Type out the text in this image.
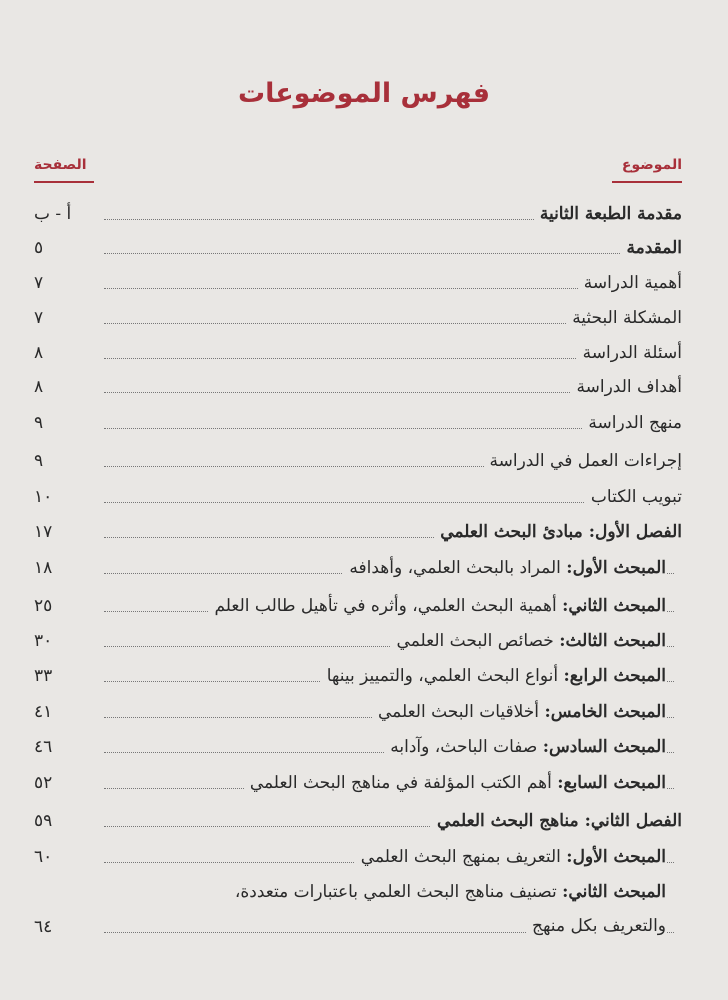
فهرس الموضوعات
الموضوع
الصفحة
مقدمة الطبعة الثانية
أ - ب
المقدمة
٥
أهمية الدراسة
٧
المشكلة البحثية
٧
أسئلة الدراسة
٨
أهداف الدراسة
٨
منهج الدراسة
٩
إجراءات العمل في الدراسة
٩
تبويب الكتاب
١٠
الفصل الأول: مبادئ البحث العلمي
١٧
المبحث الأول: المراد بالبحث العلمي، وأهدافه
١٨
المبحث الثاني: أهمية البحث العلمي، وأثره في تأهيل طالب العلم
٢٥
المبحث الثالث: خصائص البحث العلمي
٣٠
المبحث الرابع: أنواع البحث العلمي، والتمييز بينها
٣٣
المبحث الخامس: أخلاقيات البحث العلمي
٤١
المبحث السادس: صفات الباحث، وآدابه
٤٦
المبحث السابع: أهم الكتب المؤلفة في مناهج البحث العلمي
٥٢
الفصل الثاني: مناهج البحث العلمي
٥٩
المبحث الأول: التعريف بمنهج البحث العلمي
٦٠
المبحث الثاني: تصنيف مناهج البحث العلمي باعتبارات متعددة،
والتعريف بكل منهج
٦٤
